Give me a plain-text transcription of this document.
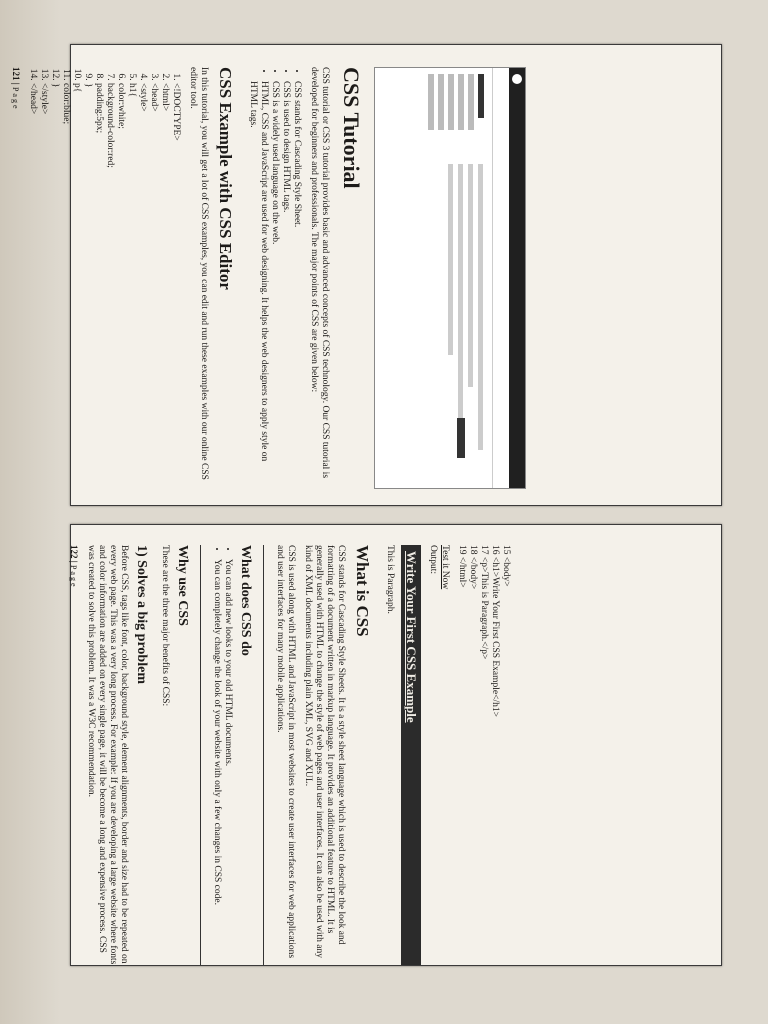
CSS Tutorial

CSS tutorial or CSS 3 tutorial provides basic and advanced concepts of CSS technology. Our CSS tutorial is developed for beginners and professionals. The major points of CSS are given below:

• CSS stands for Cascading Style Sheet.
• CSS is used to design HTML tags.
• CSS is a widely used language on the web.
• HTML, CSS and JavaScript are used for web designing. It helps the web designers to apply style on HTML tags.
CSS Example with CSS Editor

In this tutorial, you will get a lot of CSS examples, you can edit and run these examples with our online CSS editor tool.

1. <!DOCTYPE>
2. <html>
3. <head>
4. <style>
5. h1{
6. color:white;
7. background-color:red;
8. padding:5px;
9. }
10. p{
11. color:blue;
12. }
13. </style>
14. </head>
121 | Page
15 <body>
16 <h1>Write Your First CSS Example</h1>
17 <p>This is Paragraph.</p>
18 </body>
19 </html>
Test it Now

Output:

Write Your First CSS Example

This is Paragraph.

What is CSS

CSS stands for Cascading Style Sheets. It is a style sheet language which is used to describe the look and formatting of a document written in markup language. It provides an additional feature to HTML. It is generally used with HTML to change the style of web pages and user interfaces. It can also be used with any kind of XML documents including plain XML, SVG and XUL.

CSS is used along with HTML and JavaScript in most websites to create user interfaces for web applications and user interfaces for many mobile applications.

What does CSS do
• You can add new looks to your old HTML documents.
• You can completely change the look of your website with only a few changes in CSS code.
Why use CSS

These are the three major benefits of CSS:

1) Solves a big problem

Before CSS, tags like font, color, background style, element alignments, border and size had to be repeated on every web page. This was a very long process. For example: If you are developing a large website where fonts and color information are added on every single page, it will be become a long and expensive process. CSS was created to solve this problem. It was a W3C recommendation.

122 | Page
